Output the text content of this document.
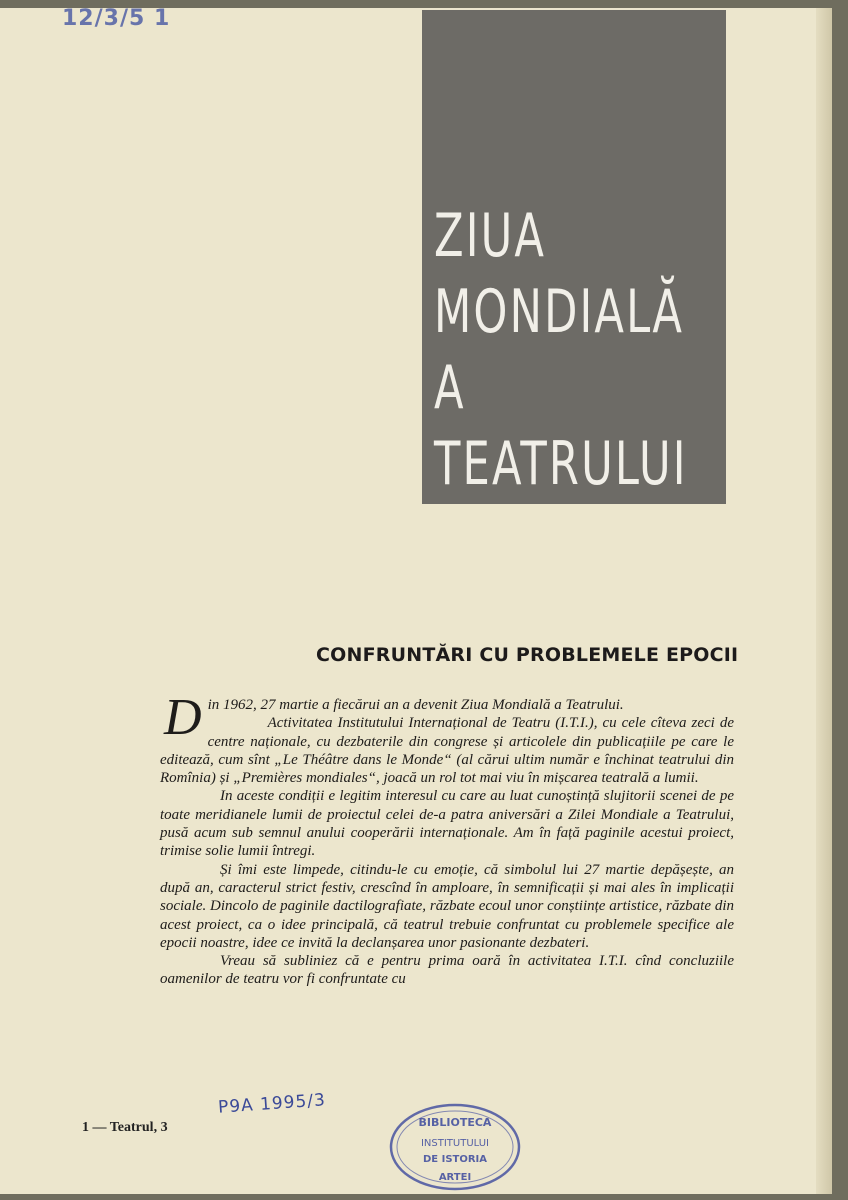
12/3/5 1
ZIUA
MONDIALĂ
A
TEATRULUI
CONFRUNTĂRI CU PROBLEMELE EPOCII

Din 1962, 27 martie a fiecărui an a devenit Ziua Mondială a Teatrului.

Activitatea Institutului Internațional de Teatru (I.T.I.), cu cele cîteva zeci de centre naționale, cu dezbaterile din congrese și articolele din publicațiile pe care le editează, cum sînt „Le Théâtre dans le Monde“ (al cărui ultim număr e închinat teatrului din Romînia) și „Premières mondiales“, joacă un rol tot mai viu în mișcarea teatrală a lumii.

In aceste condiții e legitim interesul cu care au luat cunoștință slujitorii scenei de pe toate meridianele lumii de proiectul celei de-a patra aniversări a Zilei Mondiale a Teatrului, pusă acum sub semnul anului cooperării internaționale. Am în față paginile acestui proiect, trimise solie lumii întregi.

Și îmi este limpede, citindu-le cu emoție, că simbolul lui 27 martie depășește, an după an, caracterul strict festiv, crescînd în amploare, în semnificații și mai ales în implicații sociale. Dincolo de paginile dactilografiate, răzbate ecoul unor conștiințe artistice, răzbate din acest proiect, ca o idee principală, că teatrul trebuie confruntat cu problemele specifice ale epocii noastre, idee ce invită la declanșarea unor pasionante dezbateri.

Vreau să subliniez că e pentru prima oară în activitatea I.T.I. cînd concluziile oamenilor de teatru vor fi confruntate cu

1 — Teatrul, 3
P9A 1995/3
BIBLIOTECA
INSTITUTULUI
DE ISTORIA
ARTEI
